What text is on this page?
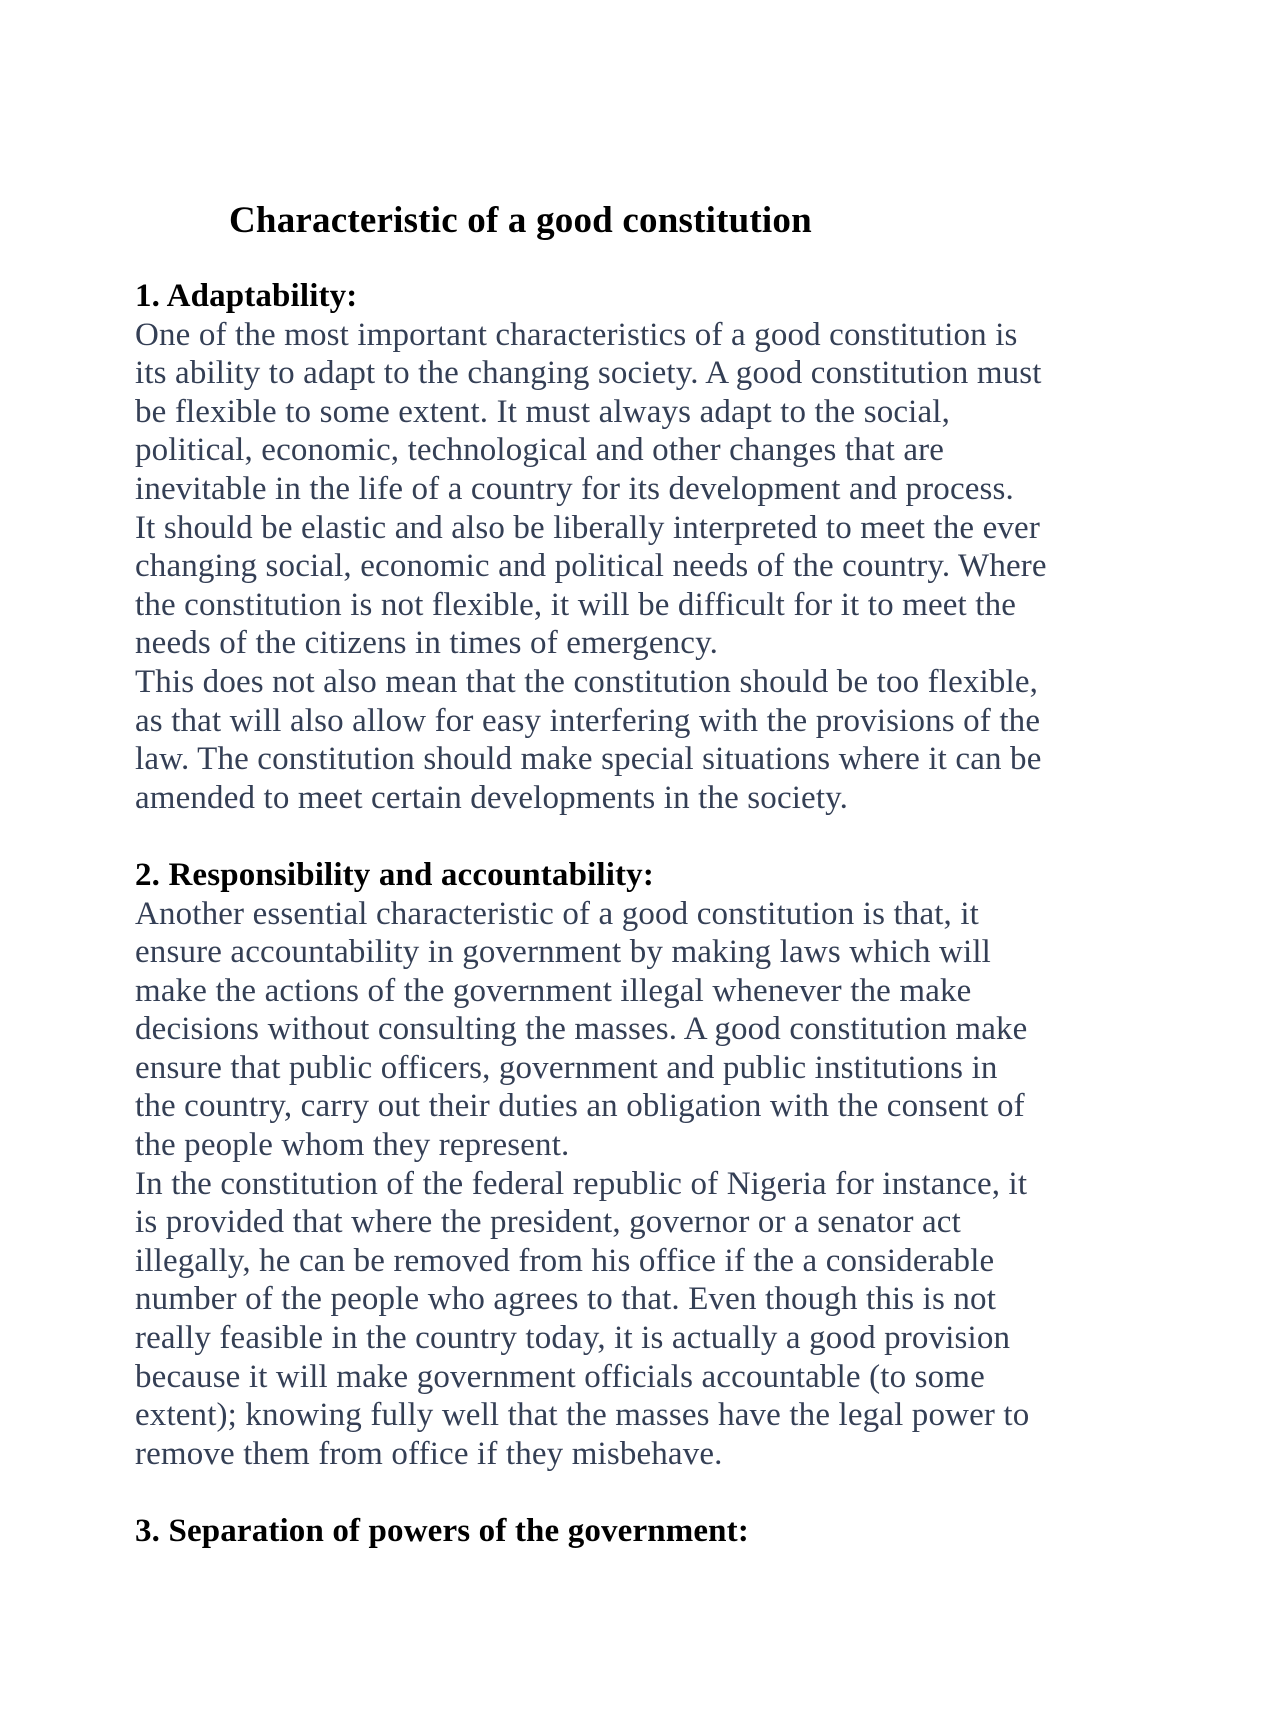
Characteristic of a good constitution
1. Adaptability:
One of the most important characteristics of a good constitution is
its ability to adapt to the changing society. A good constitution must
be flexible to some extent. It must always adapt to the social,
political, economic, technological and other changes that are
inevitable in the life of a country for its development and process.
It should be elastic and also be liberally interpreted to meet the ever
changing social, economic and political needs of the country. Where
the constitution is not flexible, it will be difficult for it to meet the
needs of the citizens in times of emergency.
This does not also mean that the constitution should be too flexible,
as that will also allow for easy interfering with the provisions of the
law. The constitution should make special situations where it can be
amended to meet certain developments in the society.
2. Responsibility and accountability:
Another essential characteristic of a good constitution is that, it
ensure accountability in government by making laws which will
make the actions of the government illegal whenever the make
decisions without consulting the masses. A good constitution make
ensure that public officers, government and public institutions in
the country, carry out their duties an obligation with the consent of
the people whom they represent.
In the constitution of the federal republic of Nigeria for instance, it
is provided that where the president, governor or a senator act
illegally, he can be removed from his office if the a considerable
number of the people who agrees to that. Even though this is not
really feasible in the country today, it is actually a good provision
because it will make government officials accountable (to some
extent); knowing fully well that the masses have the legal power to
remove them from office if they misbehave.
3. Separation of powers of the government:
